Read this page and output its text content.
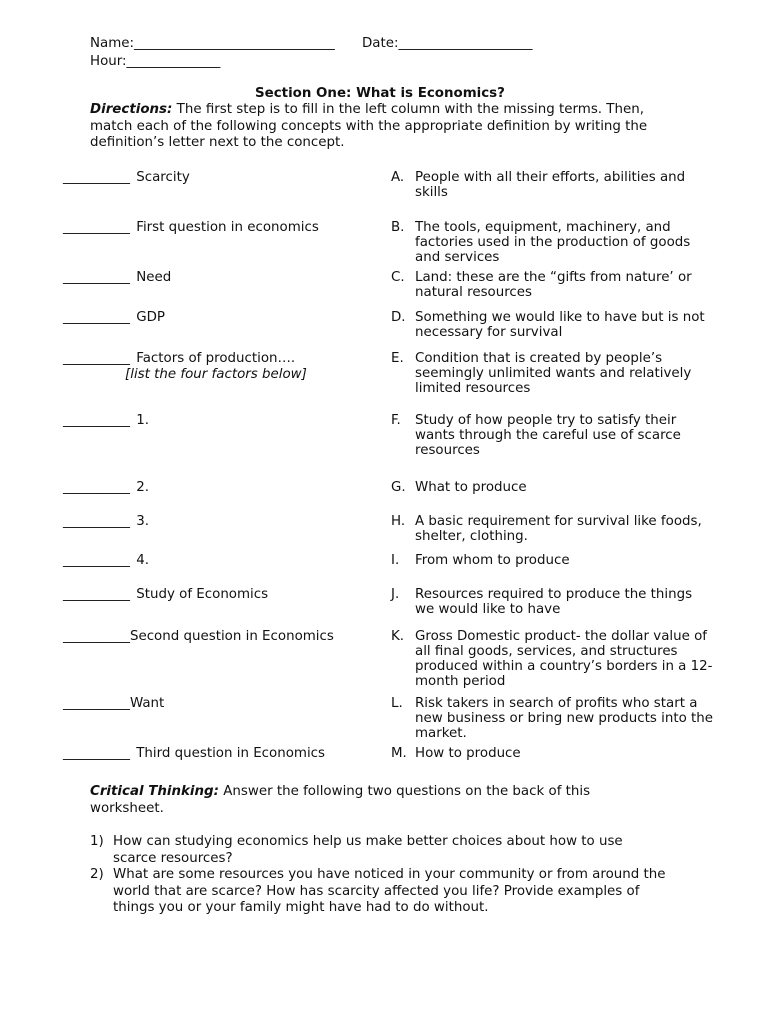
Name:______________________________ Date:____________________
Hour:______________
Section One: What is Economics?
Directions: The first step is to fill in the left column with the missing terms. Then, match each of the following concepts with the appropriate definition by writing the definition’s letter next to the concept.
__________ Scarcity
__________ First question in economics
__________ Need
__________ GDP
__________ Factors of production….
[list the four factors below]
__________ 1.
__________ 2.
__________ 3.
__________ 4.
__________ Study of Economics
__________Second question in Economics
__________Want
__________ Third question in Economics
A. People with all their efforts, abilities and skills
B. The tools, equipment, machinery, and factories used in the production of goods and services
C. Land: these are the “gifts from nature’ or natural resources
D. Something we would like to have but is not necessary for survival
E. Condition that is created by people’s seemingly unlimited wants and relatively limited resources
F. Study of how people try to satisfy their wants through the careful use of scarce resources
G. What to produce
H. A basic requirement for survival like foods, shelter, clothing.
I. From whom to produce
J. Resources required to produce the things we would like to have
K. Gross Domestic product- the dollar value of all final goods, services, and structures produced within a country’s borders in a 12-month period
L. Risk takers in search of profits who start a new business or bring new products into the market.
M. How to produce
Critical Thinking: Answer the following two questions on the back of this worksheet.
1) How can studying economics help us make better choices about how to use scarce resources?
2) What are some resources you have noticed in your community or from around the world that are scarce? How has scarcity affected you life? Provide examples of things you or your family might have had to do without.
